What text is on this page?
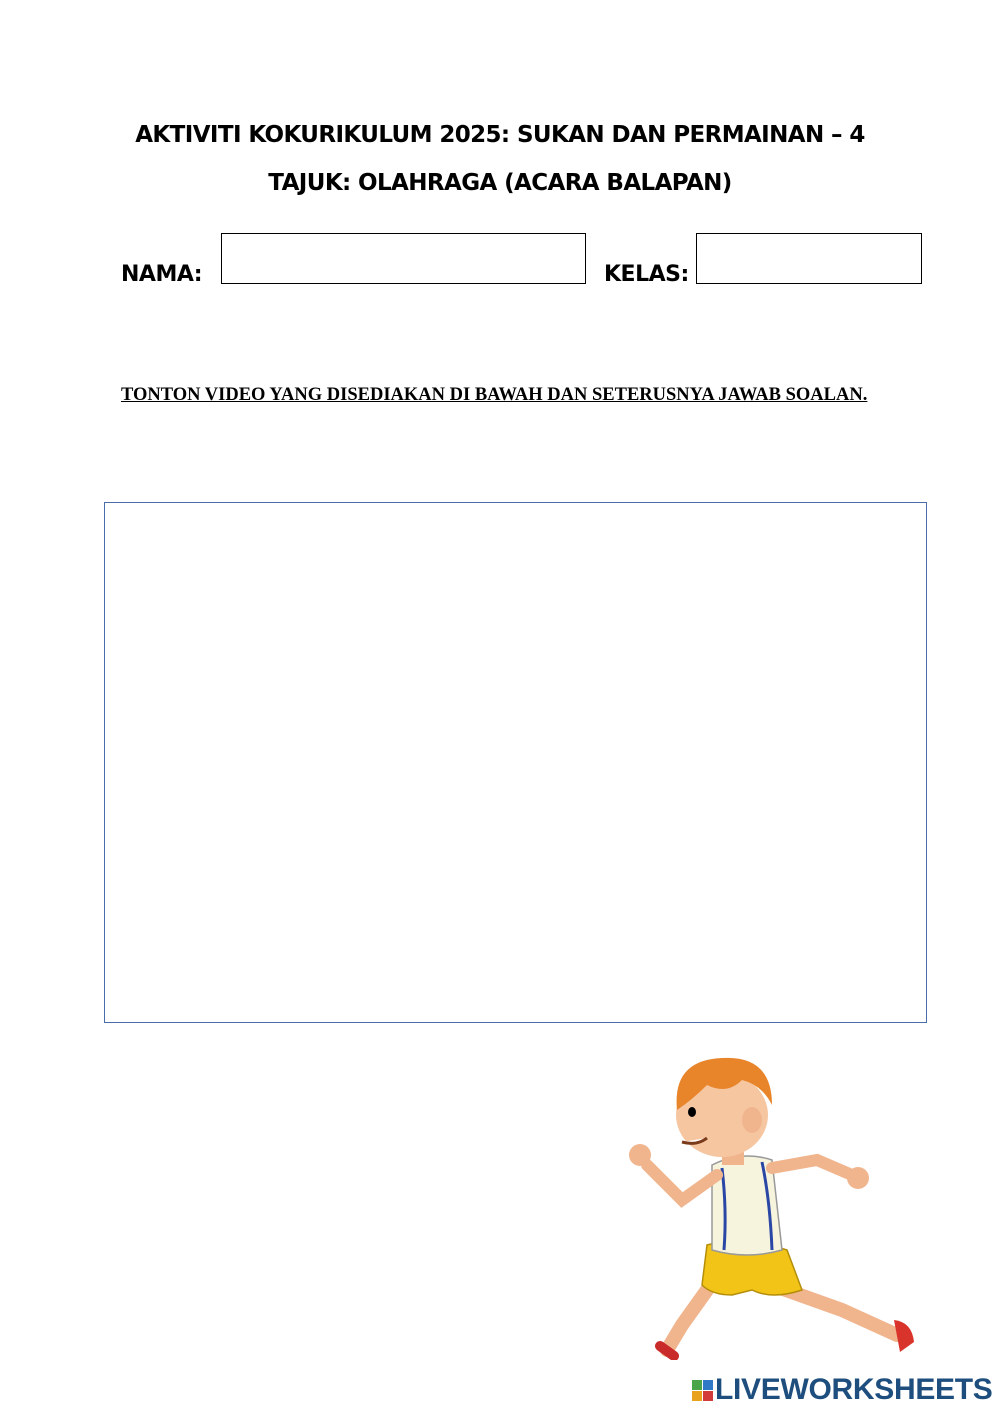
AKTIVITI KOKURIKULUM 2025: SUKAN DAN PERMAINAN – 4
TAJUK: OLAHRAGA (ACARA BALAPAN)
NAMA:	KELAS:
TONTON VIDEO YANG DISEDIAKAN DI BAWAH DAN SETERUSNYA JAWAB SOALAN.
LIVEWORKSHEETS
